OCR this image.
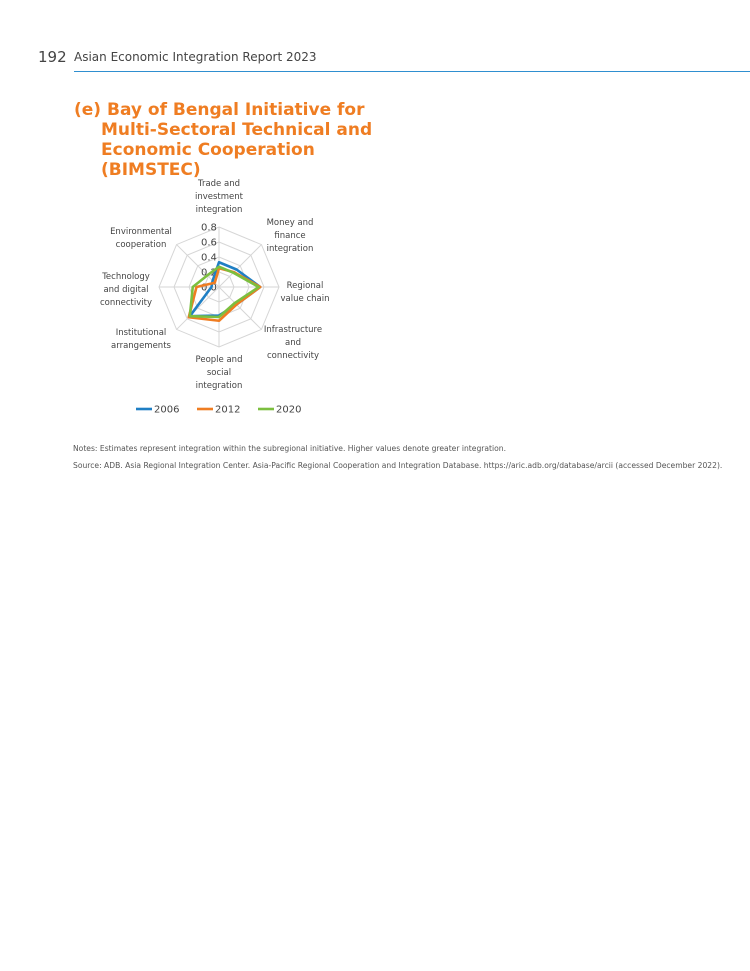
192 Asian Economic Integration Report 2023
(e) Bay of Bengal Initiative for Multi-Sectoral Technical and Economic Cooperation (BIMSTEC)
0.0
0.2
0.4
0.6
0.8
Trade and investment integration
Money and finance integration
Regional value chain
Infrastructure and connectivity
People and social integration
Institutional arrangements
Technology and digital connectivity
Environmental cooperation
2006	2012	2020

Notes: Estimates represent integration within the subregional initiative. Higher values denote greater integration.

Source: ADB. Asia Regional Integration Center. Asia-Pacific Regional Cooperation and Integration Database. https://aric.adb.org/database/arcii (accessed December 2022).
